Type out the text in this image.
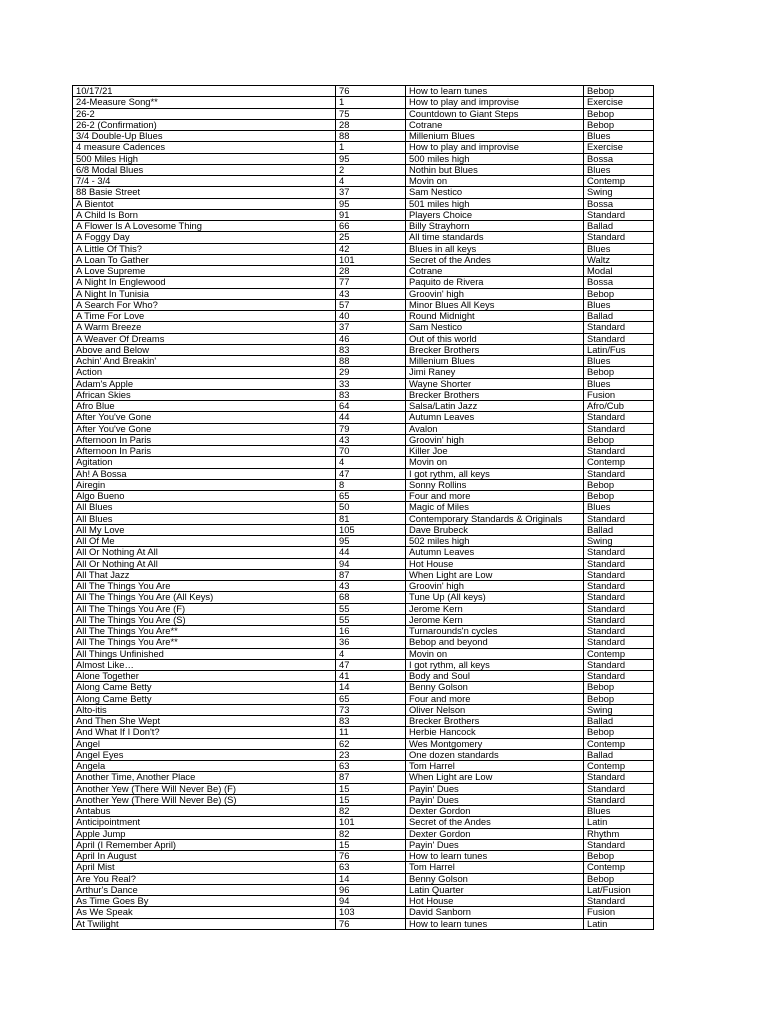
10/17/21	76	How to learn tunes	Bebop
24-Measure Song**	1	How to play and improvise	Exercise
26-2	75	Countdown to Giant Steps	Bebop
26-2 (Confirmation)	28	Cotrane	Bebop
3/4 Double-Up Blues	88	Millenium Blues	Blues
4 measure Cadences	1	How to play and improvise	Exercise
500 Miles High	95	500 miles high	Bossa
6/8 Modal Blues	2	Nothin but Blues	Blues
7/4 - 3/4	4	Movin on	Contemp
88 Basie Street	37	Sam Nestico	Swing
A Bientot	95	501 miles high	Bossa
A Child Is Born	91	Players Choice	Standard
A Flower Is A Lovesome Thing	66	Billy Strayhorn	Ballad
A Foggy Day	25	All time standards	Standard
A Little Of This?	42	Blues in all keys	Blues
A Loan To Gather	101	Secret of the Andes	Waltz
A Love Supreme	28	Cotrane	Modal
A Night In Englewood	77	Paquito de Rivera	Bossa
A Night In Tunisia	43	Groovin' high	Bebop
A Search For Who?	57	Minor Blues All Keys	Blues
A Time For Love	40	Round Midnight	Ballad
A Warm Breeze	37	Sam Nestico	Standard
A Weaver Of Dreams	46	Out of this world	Standard
Above and Below	83	Brecker Brothers	Latin/Fus
Achin' And Breakin'	88	Millenium Blues	Blues
Action	29	Jimi Raney	Bebop
Adam's Apple	33	Wayne Shorter	Blues
African Skies	83	Brecker Brothers	Fusion
Afro Blue	64	Salsa/Latin Jazz	Afro/Cub
After You've Gone	44	Autumn Leaves	Standard
After You've Gone	79	Avalon	Standard
Afternoon In Paris	43	Groovin' high	Bebop
Afternoon In Paris	70	Killer Joe	Standard
Agitation	4	Movin on	Contemp
Ah! A Bossa	47	I got rythm, all keys	Standard
Airegin	8	Sonny Rollins	Bebop
Algo Bueno	65	Four and more	Bebop
All Blues	50	Magic of Miles	Blues
All Blues	81	Contemporary Standards & Originals	Standard
All My Love	105	Dave Brubeck	Ballad
All Of Me	95	502 miles high	Swing
All Or Nothing At All	44	Autumn Leaves	Standard
All Or Nothing At All	94	Hot House	Standard
All That Jazz	87	When Light are Low	Standard
All The Things You Are	43	Groovin' high	Standard
All The Things You Are (All Keys)	68	Tune Up (All keys)	Standard
All The Things You Are (F)	55	Jerome Kern	Standard
All The Things You Are (S)	55	Jerome Kern	Standard
All The Things You Are**	16	Turnarounds'n cycles	Standard
All The Things You Are**	36	Bebop and beyond	Standard
All Things Unfinished	4	Movin on	Contemp
Almost Like…	47	I got rythm, all keys	Standard
Alone Together	41	Body and Soul	Standard
Along Came Betty	14	Benny Golson	Bebop
Along Came Betty	65	Four and more	Bebop
Alto-itis	73	Oliver Nelson	Swing
And Then She Wept	83	Brecker Brothers	Ballad
And What If I Don't?	11	Herbie Hancock	Bebop
Angel	62	Wes Montgomery	Contemp
Angel Eyes	23	One dozen standards	Ballad
Angela	63	Tom Harrel	Contemp
Another Time, Another Place	87	When Light are Low	Standard
Another Yew (There Will Never Be) (F)	15	Payin' Dues	Standard
Another Yew (There Will Never Be) (S)	15	Payin' Dues	Standard
Antabus	82	Dexter Gordon	Blues
Anticipointment	101	Secret of the Andes	Latin
Apple Jump	82	Dexter Gordon	Rhythm
April (I Remember April)	15	Payin' Dues	Standard
April In August	76	How to learn tunes	Bebop
April Mist	63	Tom Harrel	Contemp
Are You Real?	14	Benny Golson	Bebop
Arthur's Dance	96	Latin Quarter	Lat/Fusion
As Time Goes By	94	Hot House	Standard
As We Speak	103	David Sanborn	Fusion
At Twilight	76	How to learn tunes	Latin
